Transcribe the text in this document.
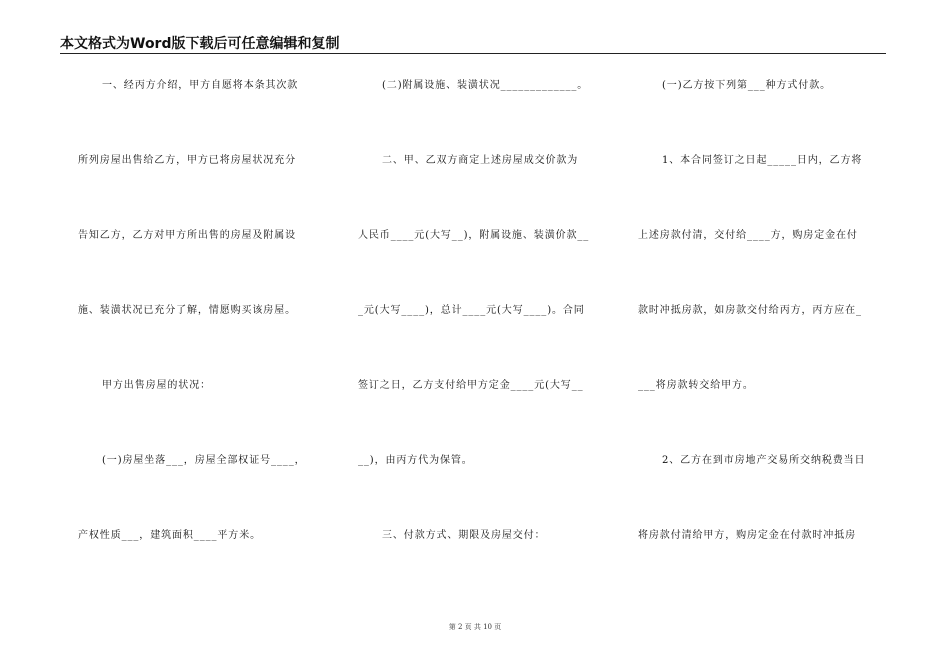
本文格式为Word版下载后可任意编辑和复制
一、经丙方介绍，甲方自愿将本条其次款
所列房屋出售给乙方，甲方已将房屋状况充分
告知乙方，乙方对甲方所出售的房屋及附属设
施、装潢状况已充分了解，情愿购买该房屋。
甲方出售房屋的状况：
(一)房屋坐落___，房屋全部权证号____，
产权性质___，建筑面积____平方米。
(二)附属设施、装潢状况_____________。
二、甲、乙双方商定上述房屋成交价款为
人民币____元(大写__)，附属设施、装潢价款__
_元(大写____)，总计____元(大写____)。合同
签订之日，乙方支付给甲方定金____元(大写__
__)，由丙方代为保管。
三、付款方式、期限及房屋交付：
(一)乙方按下列第___种方式付款。
1、本合同签订之日起_____日内，乙方将
上述房款付清，交付给____方，购房定金在付
款时冲抵房款，如房款交付给丙方，丙方应在_
___将房款转交给甲方。
2、乙方在到市房地产交易所交纳税费当日
将房款付清给甲方，购房定金在付款时冲抵房
第 2 页 共 10 页
